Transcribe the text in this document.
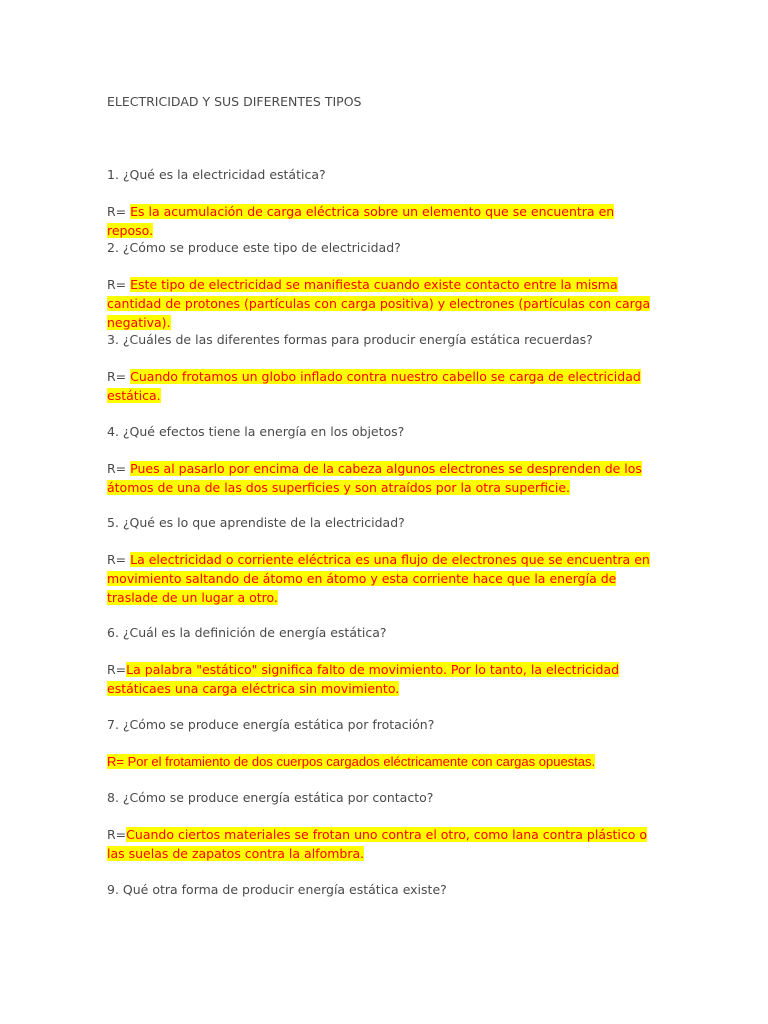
ELECTRICIDAD Y SUS DIFERENTES TIPOS

1. ¿Qué es la electricidad estática?

R= Es la acumulación de carga eléctrica sobre un elemento que se encuentra en reposo.

2. ¿Cómo se produce este tipo de electricidad?

R= Este tipo de electricidad se manifiesta cuando existe contacto entre la misma cantidad de protones (partículas con carga positiva) y electrones (partículas con carga negativa).

3. ¿Cuáles de las diferentes formas para producir energía estática recuerdas?

R= Cuando frotamos un globo inflado contra nuestro cabello se carga de electricidad estática.

4. ¿Qué efectos tiene la energía en los objetos?

R= Pues al pasarlo por encima de la cabeza algunos electrones se desprenden de los átomos de una de las dos superficies y son atraídos por la otra superficie.

5. ¿Qué es lo que aprendiste de la electricidad?

R= La electricidad o corriente eléctrica es una flujo de electrones que se encuentra en movimiento saltando de átomo en átomo y esta corriente hace que la energía de traslade de un lugar a otro.

6. ¿Cuál es la definición de energía estática?

R=La palabra "estático" significa falto de movimiento. Por lo tanto, la electricidad estáticaes una carga eléctrica sin movimiento.

7. ¿Cómo se produce energía estática por frotación?

R= Por el frotamiento de dos cuerpos cargados eléctricamente con cargas opuestas.

8. ¿Cómo se produce energía estática por contacto?

R=Cuando ciertos materiales se frotan uno contra el otro, como lana contra plástico o las suelas de zapatos contra la alfombra.

9. Qué otra forma de producir energía estática existe?
